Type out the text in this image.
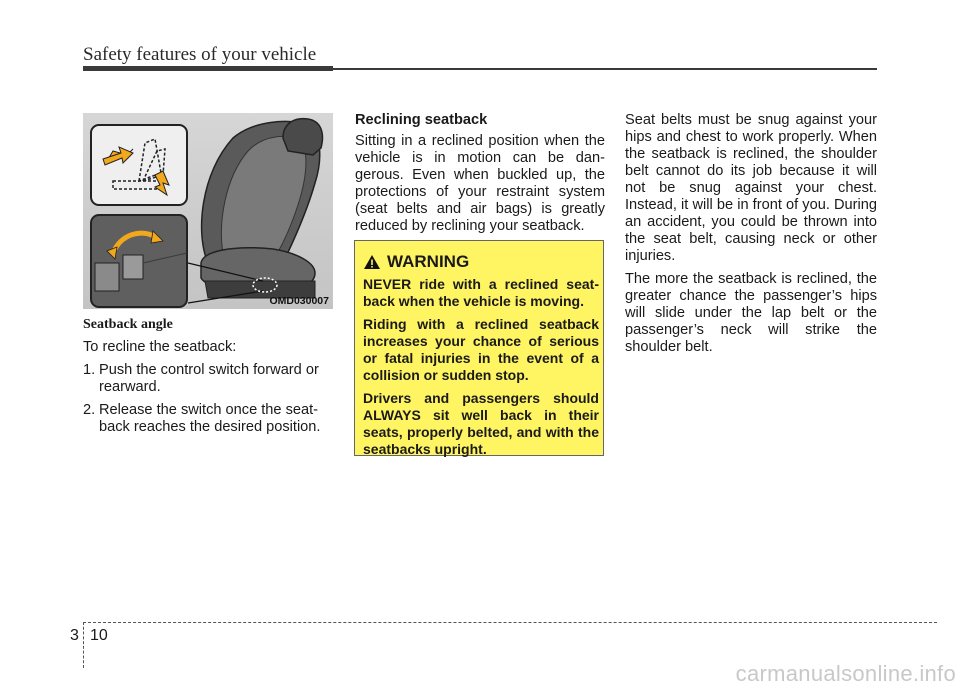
Safety features of your vehicle
OMD030007
Seatback angle

To recline the seatback:

1. Push the control switch forward or rearward.
2. Release the switch once the seat-back reaches the desired position.
Reclining seatback

Sitting in a reclined position when the vehicle is in motion can be dan-gerous. Even when buckled up, the protections of your restraint system (seat belts and air bags) is greatly reduced by reclining your seatback.

WARNING

NEVER ride with a reclined seat-back when the vehicle is moving.

Riding with a reclined seatback increases your chance of serious or fatal injuries in the event of a collision or sudden stop.

Drivers and passengers should ALWAYS sit well back in their seats, properly belted, and with the seatbacks upright.

Seat belts must be snug against your hips and chest to work properly. When the seatback is reclined, the shoulder belt cannot do its job because it will not be snug against your chest. Instead, it will be in front of you. During an accident, you could be thrown into the seat belt, causing neck or other injuries.

The more the seatback is reclined, the greater chance the passenger’s hips will slide under the lap belt or the passenger’s neck will strike the shoulder belt.

3 10
carmanualsonline.info
